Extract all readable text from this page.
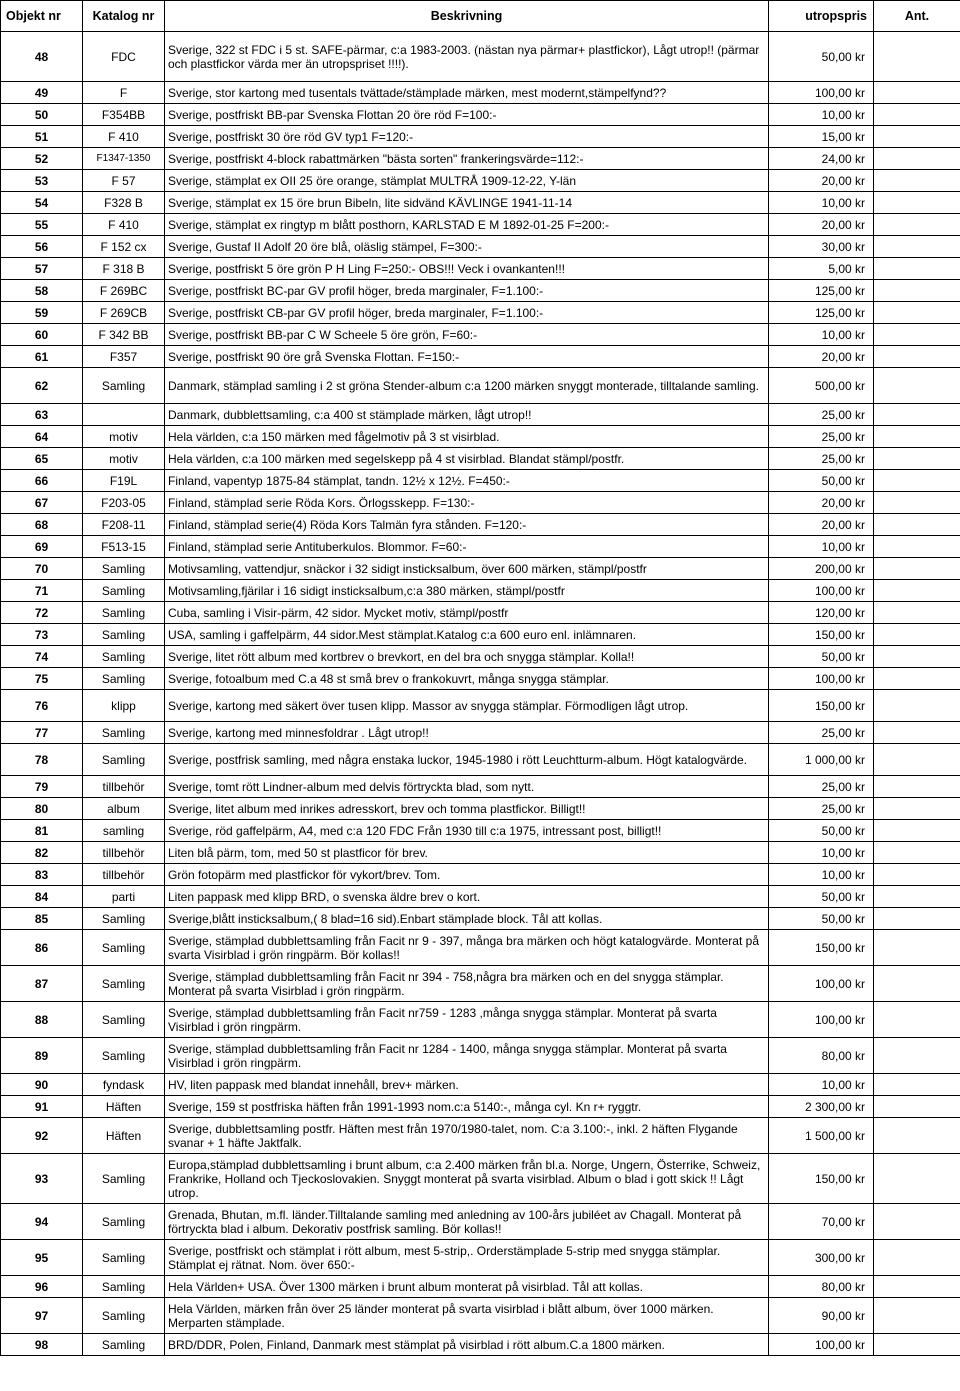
Objekt nr	Katalog nr	Beskrivning	utropspris	Ant.
48	FDC	Sverige, 322 st FDC i 5 st. SAFE-pärmar, c:a 1983-2003. (nästan nya pärmar+ plastfickor), Lågt utrop!! (pärmar och plastfickor värda mer än utropspriset !!!!).	50,00 kr	
49	F	Sverige, stor kartong med tusentals tvättade/stämplade märken, mest modernt,stämpelfynd??	100,00 kr	
50	F354BB	Sverige, postfriskt BB-par Svenska Flottan 20 öre röd F=100:-	10,00 kr	
51	F 410	Sverige, postfriskt 30 öre röd GV typ1 F=120:-	15,00 kr	
52	F1347-1350	Sverige, postfriskt 4-block rabattmärken "bästa sorten" frankeringsvärde=112:-	24,00 kr	
53	F 57	Sverige, stämplat ex OII 25 öre orange, stämplat MULTRÅ 1909-12-22, Y-län	20,00 kr	
54	F328 B	Sverige, stämplat ex 15 öre brun Bibeln, lite sidvänd KÄVLINGE 1941-11-14	10,00 kr	
55	F 410	Sverige, stämplat ex ringtyp m blått posthorn, KARLSTAD E M 1892-01-25 F=200:-	20,00 kr	
56	F 152 cx	Sverige, Gustaf II Adolf 20 öre blå, oläslig stämpel, F=300:-	30,00 kr	
57	F 318 B	Sverige, postfriskt 5 öre grön P H Ling F=250:- OBS!!! Veck i ovankanten!!!	5,00 kr	
58	F 269BC	Sverige, postfriskt BC-par GV profil höger, breda marginaler, F=1.100:-	125,00 kr	
59	F 269CB	Sverige, postfriskt CB-par GV profil höger, breda marginaler, F=1.100:-	125,00 kr	
60	F 342 BB	Sverige, postfriskt BB-par C W Scheele 5 öre grön, F=60:-	10,00 kr	
61	F357	Sverige, postfriskt 90 öre grå Svenska Flottan. F=150:-	20,00 kr	
62	Samling	Danmark, stämplad samling i 2 st gröna Stender-album c:a 1200 märken snyggt monterade, tilltalande samling.	500,00 kr	
63		Danmark, dubblettsamling, c:a 400 st stämplade märken, lågt utrop!!	25,00 kr	
64	motiv	Hela världen, c:a 150 märken med fågelmotiv på 3 st visirblad.	25,00 kr	
65	motiv	Hela världen, c:a 100 märken med segelskepp på 4 st visirblad. Blandat stämpl/postfr.	25,00 kr	
66	F19L	Finland, vapentyp 1875-84 stämplat, tandn. 12½ x 12½. F=450:-	50,00 kr	
67	F203-05	Finland, stämplad serie Röda Kors. Örlogsskepp. F=130:-	20,00 kr	
68	F208-11	Finland, stämplad serie(4) Röda Kors Talmän fyra stånden. F=120:-	20,00 kr	
69	F513-15	Finland, stämplad serie Antituberkulos. Blommor. F=60:-	10,00 kr	
70	Samling	Motivsamling, vattendjur, snäckor i 32 sidigt insticksalbum, över 600 märken, stämpl/postfr	200,00 kr	
71	Samling	Motivsamling,fjärilar i 16 sidigt insticksalbum,c:a 380 märken, stämpl/postfr	100,00 kr	
72	Samling	Cuba, samling i Visir-pärm, 42 sidor. Mycket motiv, stämpl/postfr	120,00 kr	
73	Samling	USA, samling i gaffelpärm, 44 sidor.Mest stämplat.Katalog c:a 600 euro enl. inlämnaren.	150,00 kr	
74	Samling	Sverige, litet rött album med kortbrev o brevkort, en del bra och snygga stämplar. Kolla!!	50,00 kr	
75	Samling	Sverige, fotoalbum med C.a 48 st små brev o frankokuvrt, många snygga stämplar.	100,00 kr	
76	klipp	Sverige, kartong med säkert över tusen klipp. Massor av snygga stämplar. Förmodligen lågt utrop.	150,00 kr	
77	Samling	Sverige, kartong med minnesfoldrar . Lågt utrop!!	25,00 kr	
78	Samling	Sverige, postfrisk samling, med några enstaka luckor, 1945-1980 i rött Leuchtturm-album. Högt katalogvärde.	1 000,00 kr	
79	tillbehör	Sverige, tomt rött Lindner-album med delvis förtryckta blad, som nytt.	25,00 kr	
80	album	Sverige, litet album med inrikes adresskort, brev och tomma plastfickor. Billigt!!	25,00 kr	
81	samling	Sverige, röd gaffelpärm, A4, med c:a 120 FDC Från 1930 till c:a 1975, intressant post, billigt!!	50,00 kr	
82	tillbehör	Liten blå pärm, tom, med 50 st plastficor för brev.	10,00 kr	
83	tillbehör	Grön fotopärm med plastfickor för vykort/brev. Tom.	10,00 kr	
84	parti	Liten pappask med klipp BRD, o svenska äldre brev o kort.	50,00 kr	
85	Samling	Sverige,blått insticksalbum,( 8 blad=16 sid).Enbart stämplade block. Tål att kollas.	50,00 kr	
86	Samling	Sverige, stämplad dubblettsamling från Facit nr 9 - 397, många bra märken och högt katalogvärde. Monterat på svarta Visirblad i grön ringpärm. Bör kollas!!	150,00 kr	
87	Samling	Sverige, stämplad dubblettsamling från Facit nr 394 - 758,några bra märken och en del snygga stämplar. Monterat på svarta Visirblad i grön ringpärm.	100,00 kr	
88	Samling	Sverige, stämplad dubblettsamling från Facit nr759 - 1283 ,många snygga stämplar. Monterat på svarta Visirblad i grön ringpärm.	100,00 kr	
89	Samling	Sverige, stämplad dubblettsamling från Facit nr 1284 - 1400, många snygga stämplar. Monterat på svarta Visirblad i grön ringpärm.	80,00 kr	
90	fyndask	HV, liten pappask med blandat innehåll, brev+ märken.	10,00 kr	
91	Häften	Sverige, 159 st postfriska häften från 1991-1993 nom.c:a 5140:-, många cyl. Kn r+ ryggtr.	2 300,00 kr	
92	Häften	Sverige, dubblettsamling postfr. Häften mest från 1970/1980-talet, nom. C:a 3.100:-, inkl. 2 häften Flygande svanar + 1 häfte Jaktfalk.	1 500,00 kr	
93	Samling	Europa,stämplad dubblettsamling i brunt album, c:a 2.400 märken från bl.a. Norge, Ungern, Österrike, Schweiz, Frankrike, Holland och Tjeckoslovakien. Snyggt monterat på svarta visirblad. Album o blad i gott skick !! Lågt utrop.	150,00 kr	
94	Samling	Grenada, Bhutan, m.fl. länder.Tilltalande samling med anledning av 100-års jubiléet av Chagall. Monterat på förtryckta blad i album. Dekorativ postfrisk samling. Bör kollas!!	70,00 kr	
95	Samling	Sverige, postfriskt och stämplat i rött album, mest 5-strip,. Orderstämplade 5-strip med snygga stämplar. Stämplat ej rätnat. Nom. över 650:-	300,00 kr	
96	Samling	Hela Världen+ USA. Över 1300 märken i brunt album monterat på visirblad. Tål att kollas.	80,00 kr	
97	Samling	Hela Världen, märken från över 25 länder monterat på svarta visirblad i blått album, över 1000 märken. Merparten stämplade.	90,00 kr	
98	Samling	BRD/DDR, Polen, Finland, Danmark mest stämplat på visirblad i rött album.C.a 1800 märken.	100,00 kr	
